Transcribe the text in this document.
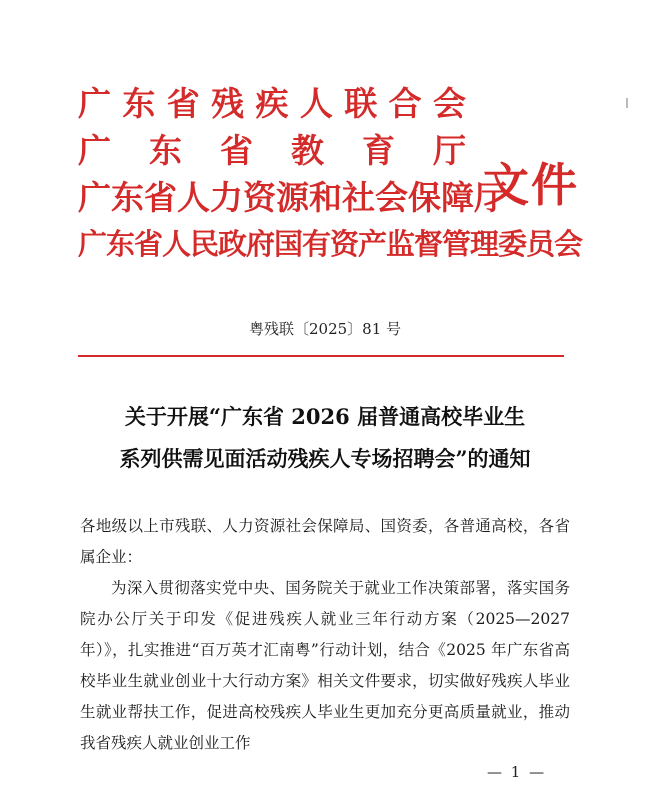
广东省残疾人联合会
广东省教育厅
广东省人力资源和社会保障厅
广东省人民政府国有资产监督管理委员会
文件
粤残联〔2025〕81 号
关于开展“广东省 2026 届普通高校毕业生
系列供需见面活动残疾人专场招聘会”的通知

各地级以上市残联、人力资源社会保障局、国资委，各普通高校，各省属企业：

为深入贯彻落实党中央、国务院关于就业工作决策部署，落实国务院办公厅关于印发《促进残疾人就业三年行动方案（2025—2027 年）》，扎实推进“百万英才汇南粤”行动计划，结合《2025 年广东省高校毕业生就业创业十大行动方案》相关文件要求，切实做好残疾人毕业生就业帮扶工作，促进高校残疾人毕业生更加充分更高质量就业，推动我省残疾人就业创业工作

— 1 —
